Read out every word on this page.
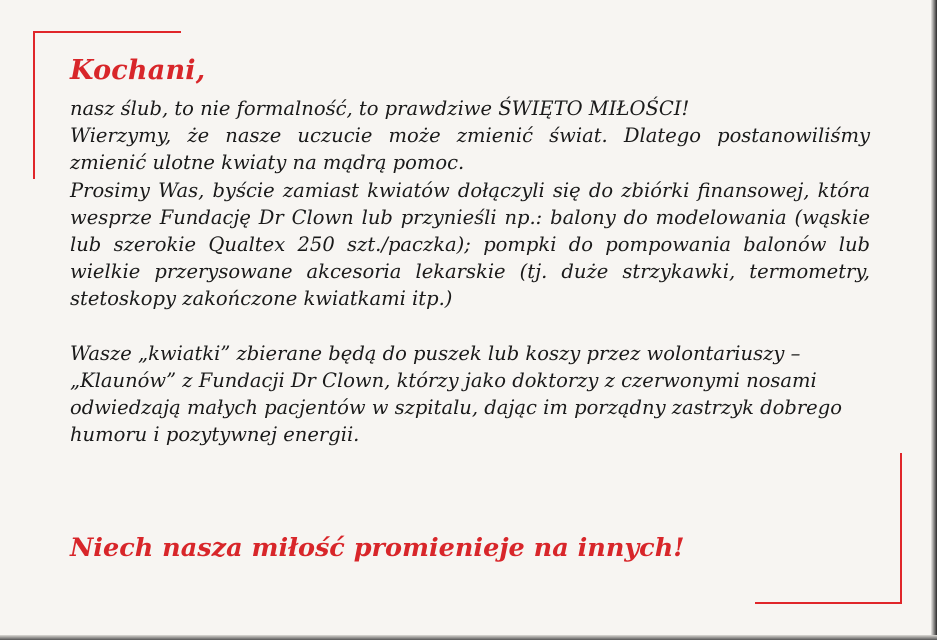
Kochani,

nasz ślub, to nie formalność, to prawdziwe ŚWIĘTO MIŁOŚCI!

Wierzymy, że nasze uczucie może zmienić świat. Dlatego postanowiliśmy zmienić ulotne kwiaty na mądrą pomoc.

Prosimy Was, byście zamiast kwiatów dołączyli się do zbiórki finansowej, która wesprze Fundację Dr Clown lub przynieśli np.: balony do modelowania (wąskie lub szerokie Qualtex 250 szt./paczka); pompki do pompowania balonów lub wielkie przerysowane akcesoria lekarskie (tj. duże strzykawki, termometry, stetoskopy zakończone kwiatkami itp.)

Wasze „kwiatki” zbierane będą do puszek lub koszy przez wolontariuszy – „Klaunów” z Fundacji Dr Clown, którzy jako doktorzy z czerwonymi nosami odwiedzają małych pacjentów w szpitalu, dając im porządny zastrzyk dobrego humoru i pozytywnej energii.

Niech nasza miłość promienieje na innych!
